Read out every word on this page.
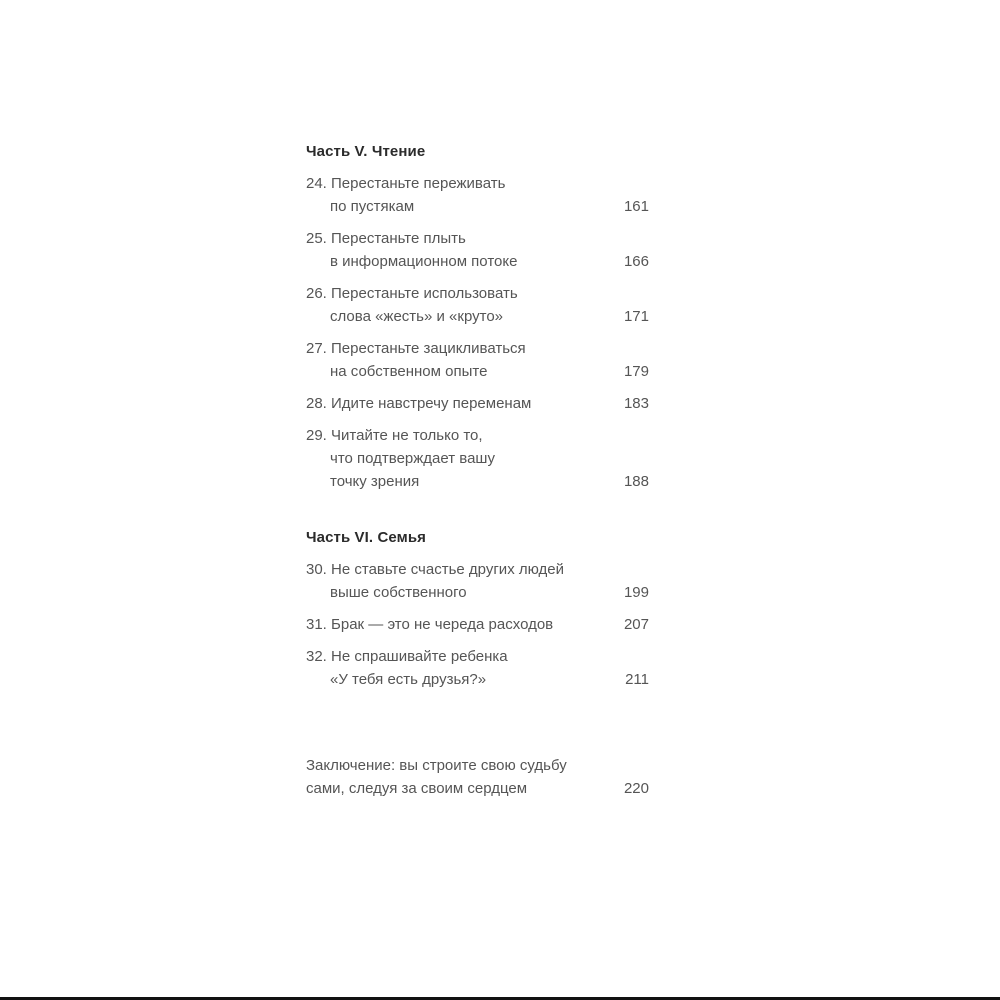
Часть V. Чтение
24. Перестаньте переживать
по пустякам	161
25. Перестаньте плыть
в информационном потоке	166
26. Перестаньте использовать
слова «жесть» и «круто»	171
27. Перестаньте зацикливаться
на собственном опыте	179
28. Идите навстречу переменам	183
29. Читайте не только то,
что подтверждает вашу
точку зрения	188
Часть VI. Семья
30. Не ставьте счастье других людей
выше собственного	199
31. Брак — это не череда расходов	207
32. Не спрашивайте ребенка
«У тебя есть друзья?»	211
Заключение: вы строите свою судьбу
сами, следуя за своим сердцем	220
